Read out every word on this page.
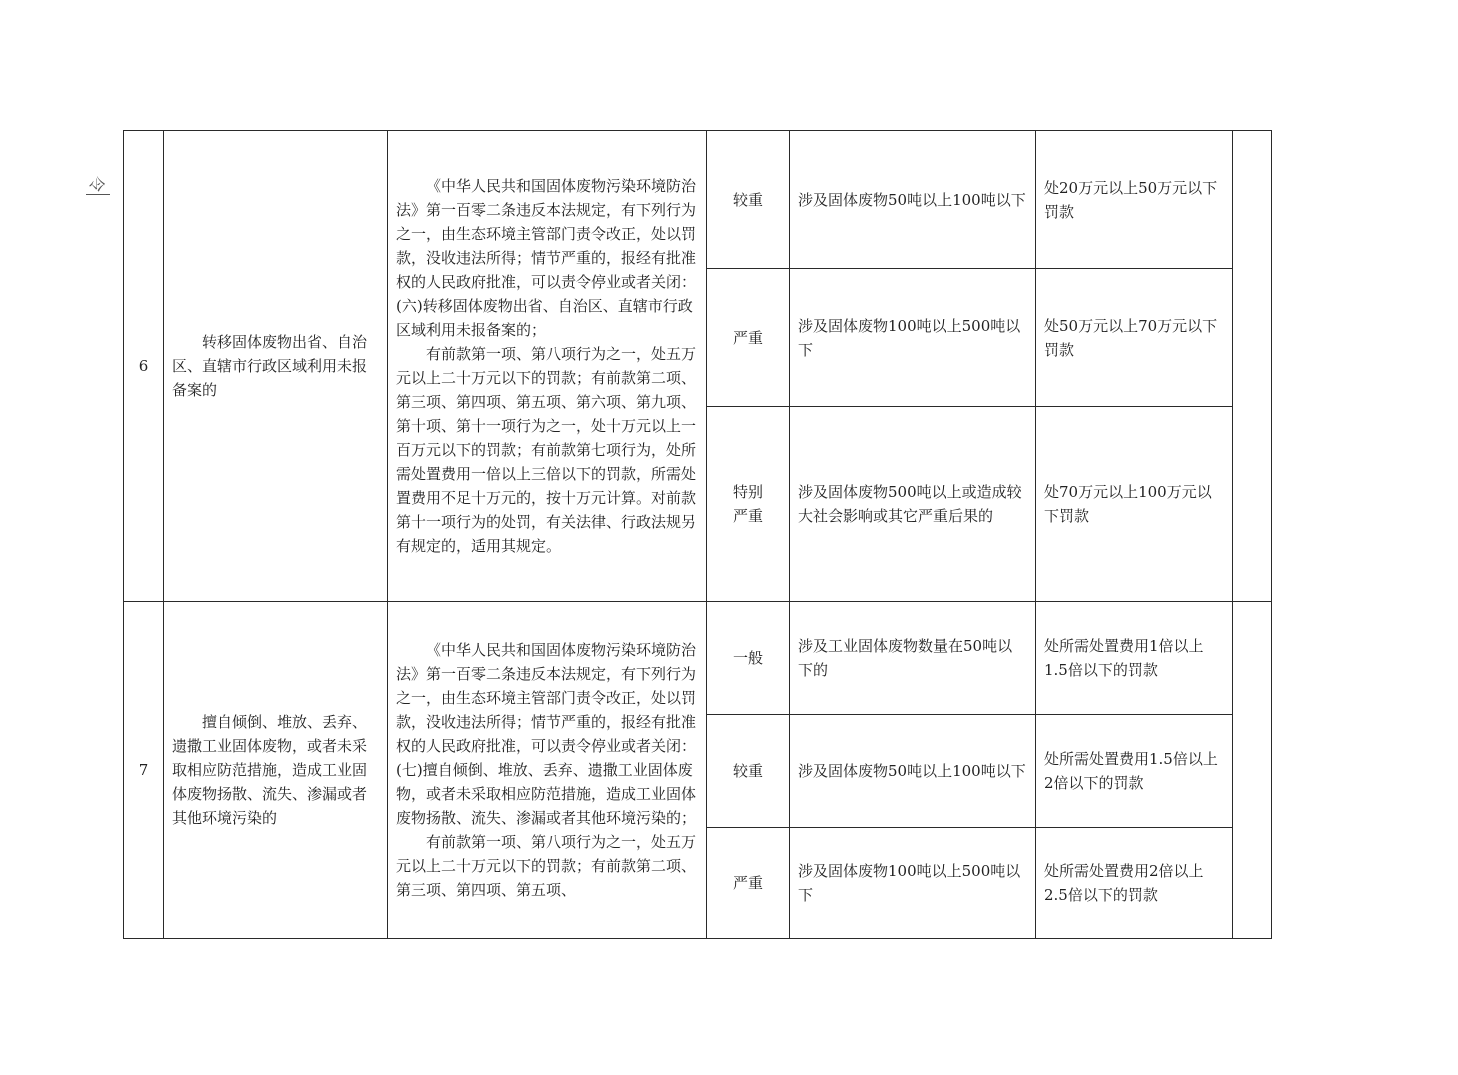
令
6	转移固体废物出省、自治区、直辖市行政区域利用未报备案的	《中华人民共和国固体废物污染环境防治法》第一百零二条违反本法规定，有下列行为之一，由生态环境主管部门责令改正，处以罚款，没收违法所得；情节严重的，报经有批准权的人民政府批准，可以责令停业或者关闭：

(六)转移固体废物出省、自治区、直辖市行政区域利用未报备案的；

有前款第一项、第八项行为之一，处五万元以上二十万元以下的罚款；有前款第二项、第三项、第四项、第五项、第六项、第九项、第十项、第十一项行为之一，处十万元以上一百万元以下的罚款；有前款第七项行为，处所需处置费用一倍以上三倍以下的罚款，所需处置费用不足十万元的，按十万元计算。对前款第十一项行为的处罚，有关法律、行政法规另有规定的，适用其规定。	较重	涉及固体废物50吨以上100吨以下	处20万元以上50万元以下罚款	
			严重	涉及固体废物100吨以上500吨以下	处50万元以上70万元以下罚款	

			特别
严重	涉及固体废物500吨以上或造成较大社会影响或其它严重后果的	处70万元以上100万元以下罚款	
7	擅自倾倒、堆放、丢弃、遗撒工业固体废物，或者未采取相应防范措施，造成工业固体废物扬散、流失、渗漏或者其他环境污染的	《中华人民共和国固体废物污染环境防治法》第一百零二条违反本法规定，有下列行为之一，由生态环境主管部门责令改正，处以罚款，没收违法所得；情节严重的，报经有批准权的人民政府批准，可以责令停业或者关闭：

(七)擅自倾倒、堆放、丢弃、遗撒工业固体废物，或者未采取相应防范措施，造成工业固体废物扬散、流失、渗漏或者其他环境污染的；

有前款第一项、第八项行为之一，处五万元以上二十万元以下的罚款；有前款第二项、第三项、第四项、第五项、	一般	涉及工业固体废物数量在50吨以下的	处所需处置费用1倍以上1.5倍以下的罚款	
			较重	涉及固体废物50吨以上100吨以下	处所需处置费用1.5倍以上2倍以下的罚款	
			严重	涉及固体废物100吨以上500吨以下	处所需处置费用2倍以上2.5倍以下的罚款	
